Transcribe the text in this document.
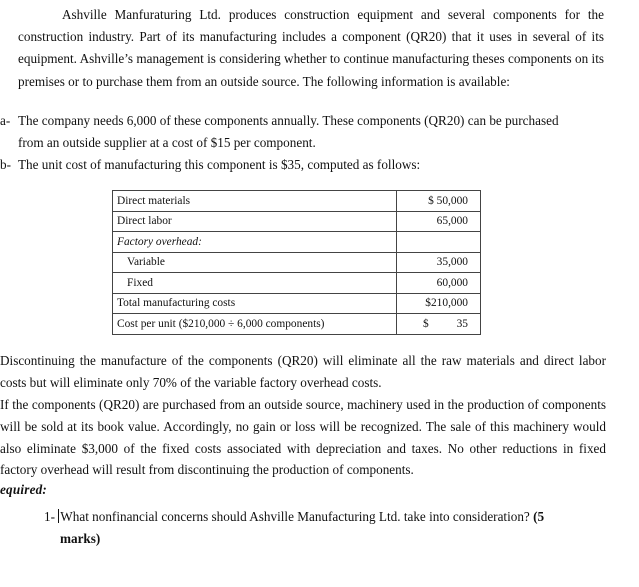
Ashville Manfuraturing Ltd. produces construction equipment and several components for the construction industry. Part of its manufacturing includes a component (QR20) that it uses in several of its equipment. Ashville’s management is considering whether to continue manufacturing theses components on its premises or to purchase them from an outside source. The following information is available:
a- The company needs 6,000 of these components annually. These components (QR20) can be purchased
from an outside supplier at a cost of $15 per component.
b- The unit cost of manufacturing this component is $35, computed as follows:
Direct materials	$ 50,000
Direct labor	65,000
Factory overhead:	
Variable	35,000
Fixed	60,000
Total manufacturing costs	$210,000
Cost per unit ($210,000 ÷ 6,000 components)	$ 35
Discontinuing the manufacture of the components (QR20) will eliminate all the raw materials and direct labor costs but will eliminate only 70% of the variable factory overhead costs.
If the components (QR20) are purchased from an outside source, machinery used in the production of components will be sold at its book value. Accordingly, no gain or loss will be recognized. The sale of this machinery would also eliminate $3,000 of the fixed costs associated with depreciation and taxes. No other reductions in fixed factory overhead will result from discontinuing the production of components.
equired:
1- What nonfinancial concerns should Ashville Manufacturing Ltd. take into consideration? (5
marks)
